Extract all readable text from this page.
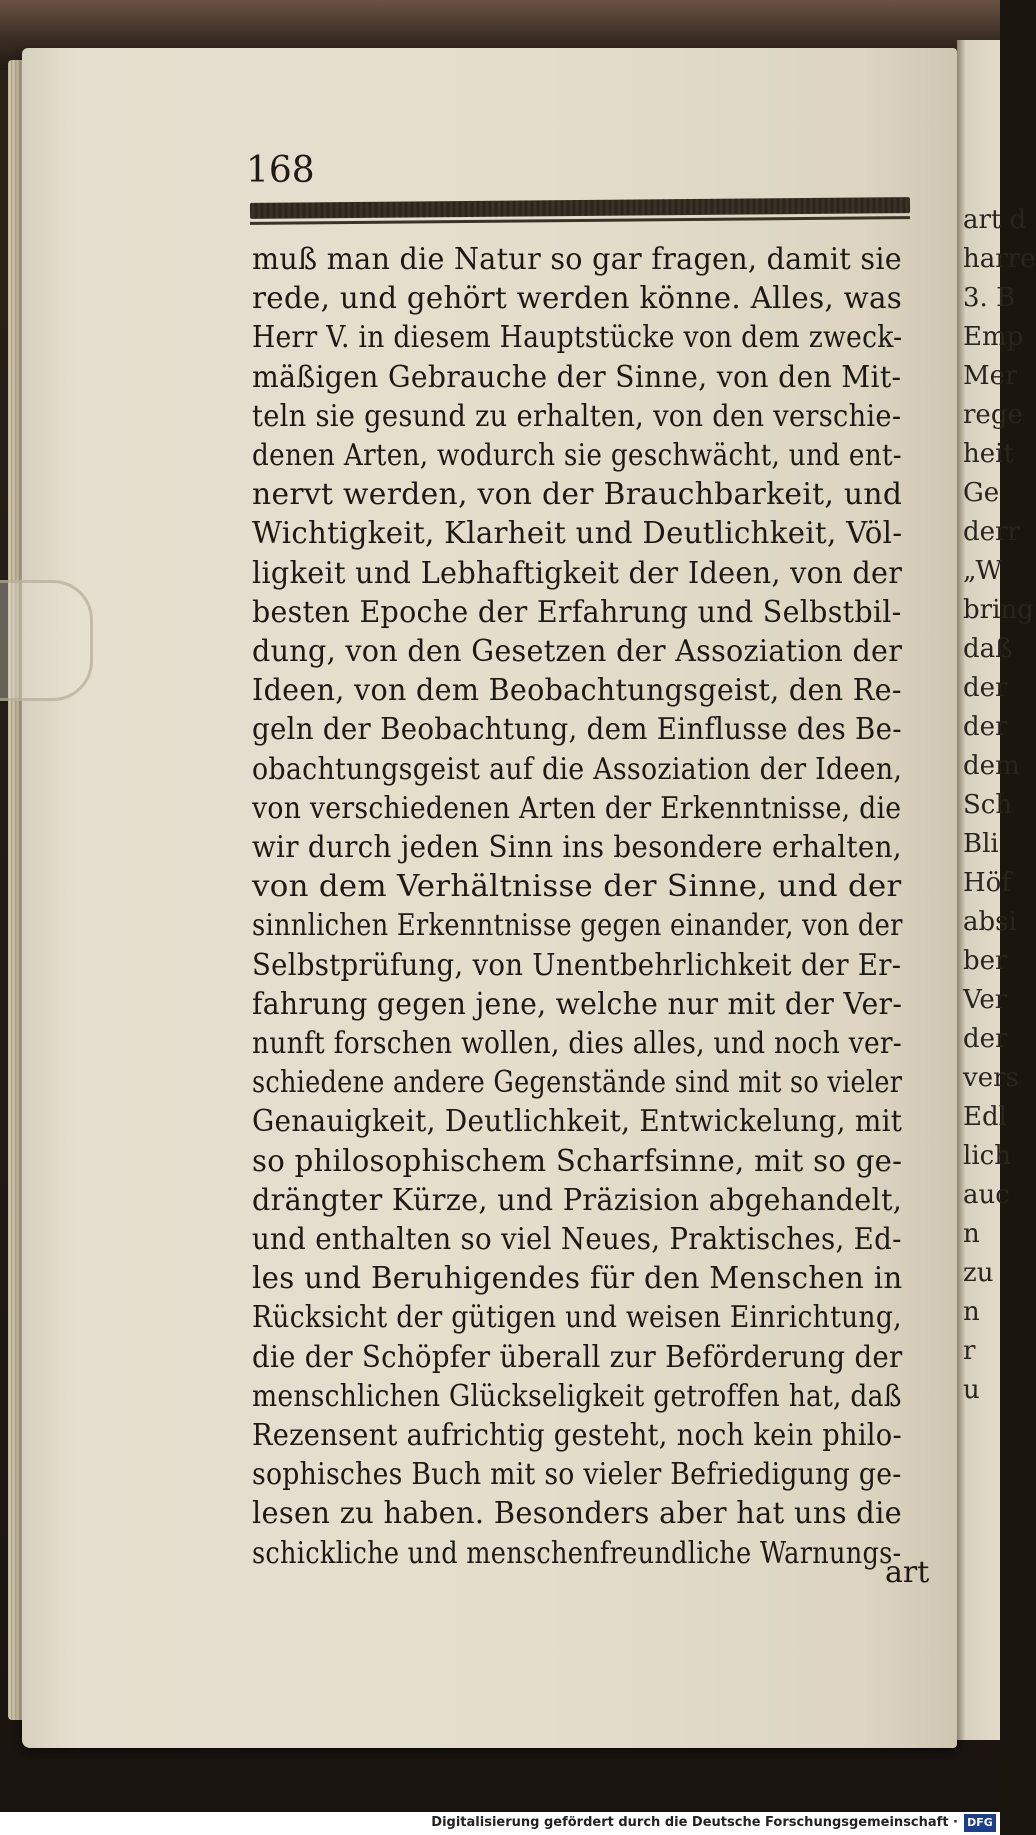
art d
harre
3. B
Emp
Mer
rege
heit
Ge
derr
„W
bring
daß
der
der
dem
Sch
Bli
Höf
absi
ber
Ver
der
vers
Edl
lich
auc
n
zu
n
r
u
168
muß man die Natur so gar fragen, damit sie
rede, und gehört werden könne. Alles, was
Herr V. in diesem Hauptstücke von dem zweck-
mäßigen Gebrauche der Sinne, von den Mit-
teln sie gesund zu erhalten, von den verschie-
denen Arten, wodurch sie geschwächt, und ent-
nervt werden, von der Brauchbarkeit, und
Wichtigkeit, Klarheit und Deutlichkeit, Völ-
ligkeit und Lebhaftigkeit der Ideen, von der
besten Epoche der Erfahrung und Selbstbil-
dung, von den Gesetzen der Assoziation der
Ideen, von dem Beobachtungsgeist, den Re-
geln der Beobachtung, dem Einflusse des Be-
obachtungsgeist auf die Assoziation der Ideen,
von verschiedenen Arten der Erkenntnisse, die
wir durch jeden Sinn ins besondere erhalten,
von dem Verhältnisse der Sinne, und der
sinnlichen Erkenntnisse gegen einander, von der
Selbstprüfung, von Unentbehrlichkeit der Er-
fahrung gegen jene, welche nur mit der Ver-
nunft forschen wollen, dies alles, und noch ver-
schiedene andere Gegenstände sind mit so vieler
Genauigkeit, Deutlichkeit, Entwickelung, mit
so philosophischem Scharfsinne, mit so ge-
drängter Kürze, und Präzision abgehandelt,
und enthalten so viel Neues, Praktisches, Ed-
les und Beruhigendes für den Menschen in
Rücksicht der gütigen und weisen Einrichtung,
die der Schöpfer überall zur Beförderung der
menschlichen Glückseligkeit getroffen hat, daß
Rezensent aufrichtig gesteht, noch kein philo-
sophisches Buch mit so vieler Befriedigung ge-
lesen zu haben. Besonders aber hat uns die
schickliche und menschenfreundliche Warnungs-
art
Digitalisierung gefördert durch die Deutsche Forschungsgemeinschaft · DFG
